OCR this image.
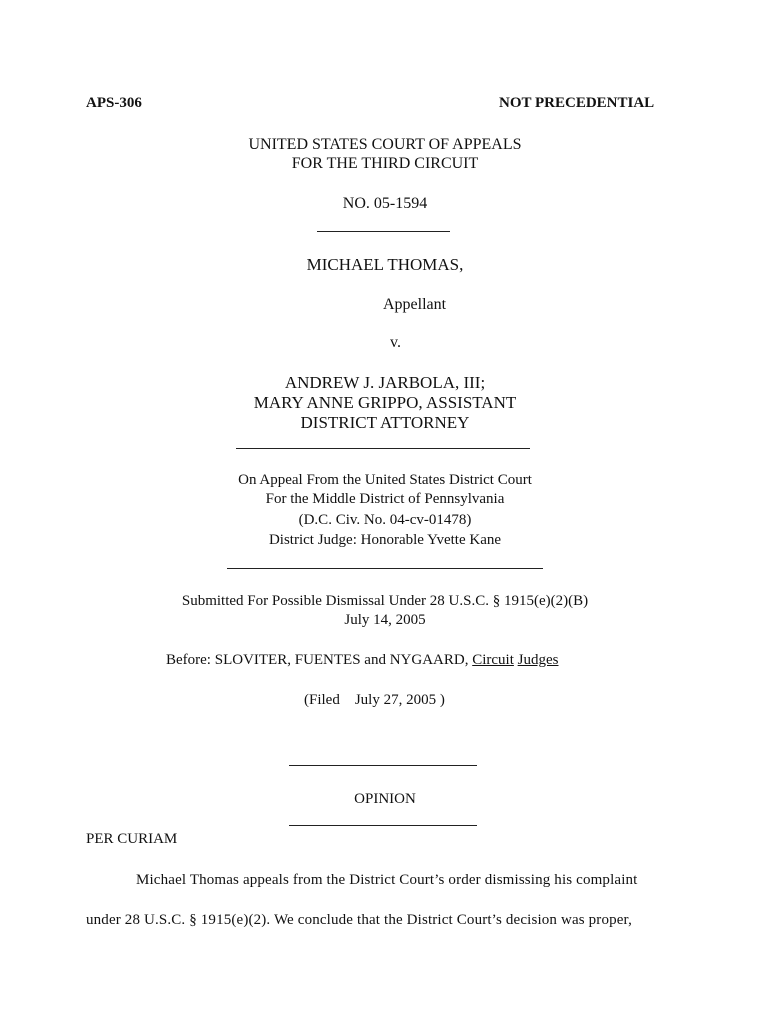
APS-306	NOT PRECEDENTIAL
UNITED STATES COURT OF APPEALS
FOR THE THIRD CIRCUIT
NO. 05-1594
MICHAEL THOMAS,
Appellant
v.
ANDREW J. JARBOLA, III;
MARY ANNE GRIPPO, ASSISTANT
DISTRICT ATTORNEY
On Appeal From the United States District Court
For the Middle District of Pennsylvania
(D.C. Civ. No. 04-cv-01478)
District Judge: Honorable Yvette Kane
Submitted For Possible Dismissal Under 28 U.S.C. § 1915(e)(2)(B)
July 14, 2005
Before: SLOVITER, FUENTES and NYGAARD, Circuit Judges
(Filed July 27, 2005 )
OPINION
PER CURIAM
Michael Thomas appeals from the District Court’s order dismissing his complaint
under 28 U.S.C. § 1915(e)(2). We conclude that the District Court’s decision was proper,
